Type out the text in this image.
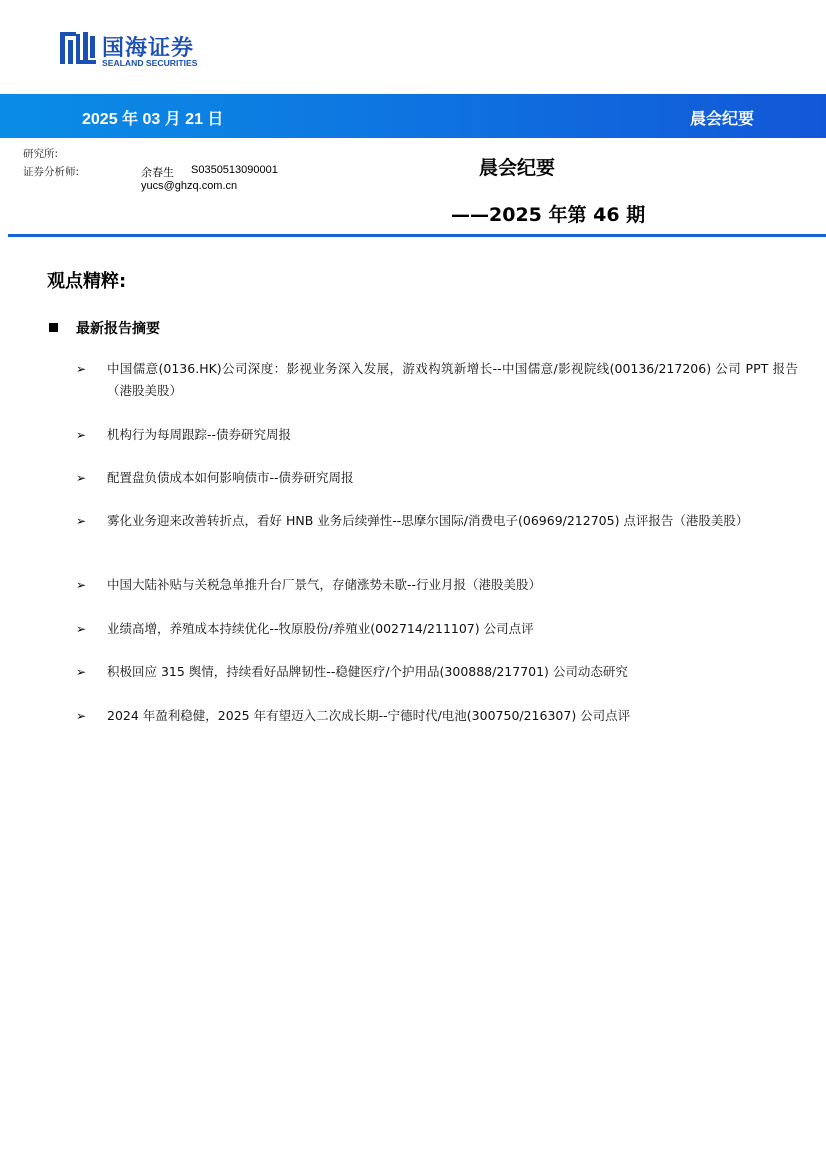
国海证券
SEALAND SECURITIES
2025 年 03 月 21 日	晨会纪要
研究所:
证券分析师:	余春生 S0350513090001
yucs@ghzq.com.cn
晨会纪要
——2025 年第 46 期
观点精粹:
最新报告摘要
➢ 中国儒意(0136.HK)公司深度：影视业务深入发展，游戏构筑新增长--中国儒意/影视院线(00136/217206) 公司 PPT 报告（港股美股）
➢ 机构行为每周跟踪--债券研究周报
➢ 配置盘负债成本如何影响债市--债券研究周报
➢ 雾化业务迎来改善转折点，看好 HNB 业务后续弹性--思摩尔国际/消费电子(06969/212705) 点评报告（港股美股）
➢ 中国大陆补贴与关税急单推升台厂景气，存储涨势未歇--行业月报（港股美股）
➢ 业绩高增，养殖成本持续优化--牧原股份/养殖业(002714/211107) 公司点评
➢ 积极回应 315 舆情，持续看好品牌韧性--稳健医疗/个护用品(300888/217701) 公司动态研究
➢ 2024 年盈利稳健，2025 年有望迈入二次成长期--宁德时代/电池(300750/216307) 公司点评
